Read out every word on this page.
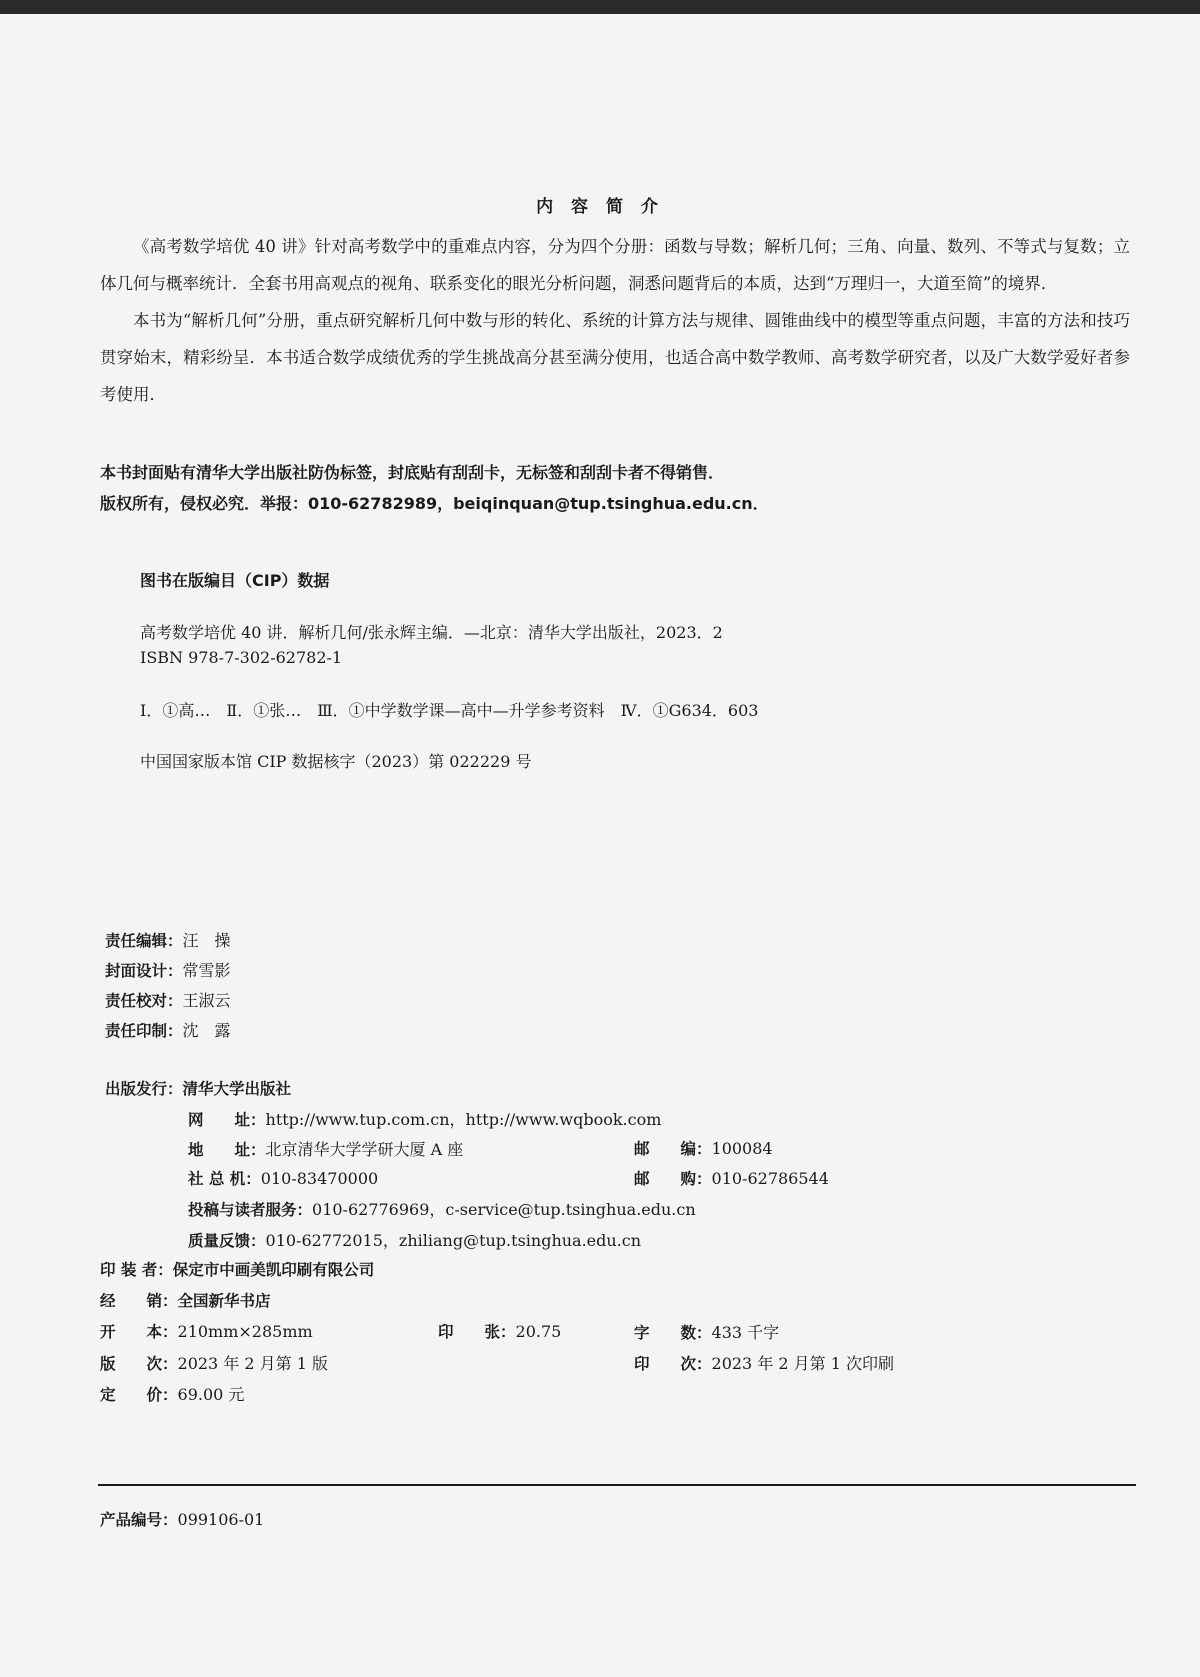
内 容 简 介
《高考数学培优 40 讲》针对高考数学中的重难点内容，分为四个分册：函数与导数；解析几何；三角、向量、数列、不等式与复数；立体几何与概率统计．全套书用高观点的视角、联系变化的眼光分析问题，洞悉问题背后的本质，达到“万理归一，大道至简”的境界．
本书为“解析几何”分册，重点研究解析几何中数与形的转化、系统的计算方法与规律、圆锥曲线中的模型等重点问题，丰富的方法和技巧贯穿始末，精彩纷呈．本书适合数学成绩优秀的学生挑战高分甚至满分使用，也适合高中数学教师、高考数学研究者，以及广大数学爱好者参考使用．
本书封面贴有清华大学出版社防伪标签，封底贴有刮刮卡，无标签和刮刮卡者不得销售．
版权所有，侵权必究．举报：010-62782989，beiqinquan@tup.tsinghua.edu.cn．
图书在版编目（CIP）数据
高考数学培优 40 讲．解析几何/张永辉主编．—北京：清华大学出版社，2023．2
ISBN 978-7-302-62782-1
Ⅰ．①高…　Ⅱ．①张…　Ⅲ．①中学数学课—高中—升学参考资料　Ⅳ．①G634．603
中国国家版本馆 CIP 数据核字（2023）第 022229 号
责任编辑：汪　操
封面设计：常雪影
责任校对：王淑云
责任印制：沈　露
出版发行：清华大学出版社
网　　址：http://www.tup.com.cn，http://www.wqbook.com
地　　址：北京清华大学学研大厦 A 座	邮　　编：100084
社 总 机：010-83470000	邮　　购：010-62786544
投稿与读者服务：010-62776969，c-service@tup.tsinghua.edu.cn
质量反馈：010-62772015，zhiliang@tup.tsinghua.edu.cn
印 装 者：保定市中画美凯印刷有限公司
经　　销：全国新华书店
开　　本：210mm×285mm	印　　张：20.75	字　　数：433 千字
版　　次：2023 年 2 月第 1 版	印　　次：2023 年 2 月第 1 次印刷
定　　价：69.00 元
产品编号：099106-01
